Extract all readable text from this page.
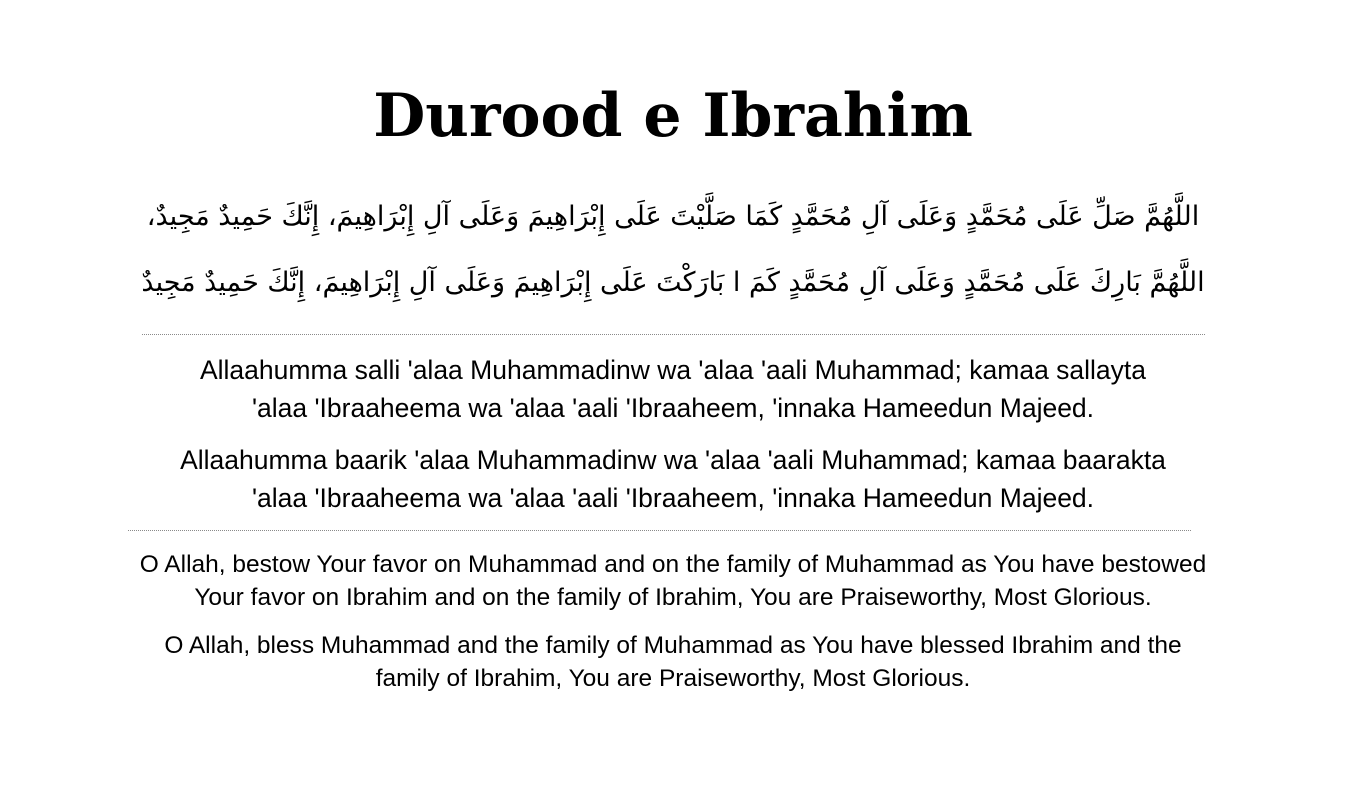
Durood e Ibrahim
اللَّهُمَّ صَلِّ عَلَى مُحَمَّدٍ وَعَلَى آلِ مُحَمَّدٍ كَمَا صَلَّيْتَ عَلَى إِبْرَاهِيمَ وَعَلَى آلِ إِبْرَاهِيمَ، إِنَّكَ حَمِيدٌ مَجِيدٌ،
اللَّهُمَّ بَارِكَ عَلَى مُحَمَّدٍ وَعَلَى آلِ مُحَمَّدٍ كَمَ ا بَارَكْتَ عَلَى إِبْرَاهِيمَ وَعَلَى آلِ إِبْرَاهِيمَ، إِنَّكَ حَمِيدٌ مَجِيدٌ
Allaahumma salli 'alaa Muhammadinw wa 'alaa 'aali Muhammad; kamaa sallayta
'alaa 'Ibraaheema wa 'alaa 'aali 'Ibraaheem, 'innaka Hameedun Majeed.
Allaahumma baarik 'alaa Muhammadinw wa 'alaa 'aali Muhammad; kamaa baarakta
'alaa 'Ibraaheema wa 'alaa 'aali 'Ibraaheem, 'innaka Hameedun Majeed.
O Allah, bestow Your favor on Muhammad and on the family of Muhammad as You have bestowed
Your favor on Ibrahim and on the family of Ibrahim, You are Praiseworthy, Most Glorious.
O Allah, bless Muhammad and the family of Muhammad as You have blessed Ibrahim and the
family of Ibrahim, You are Praiseworthy, Most Glorious.
